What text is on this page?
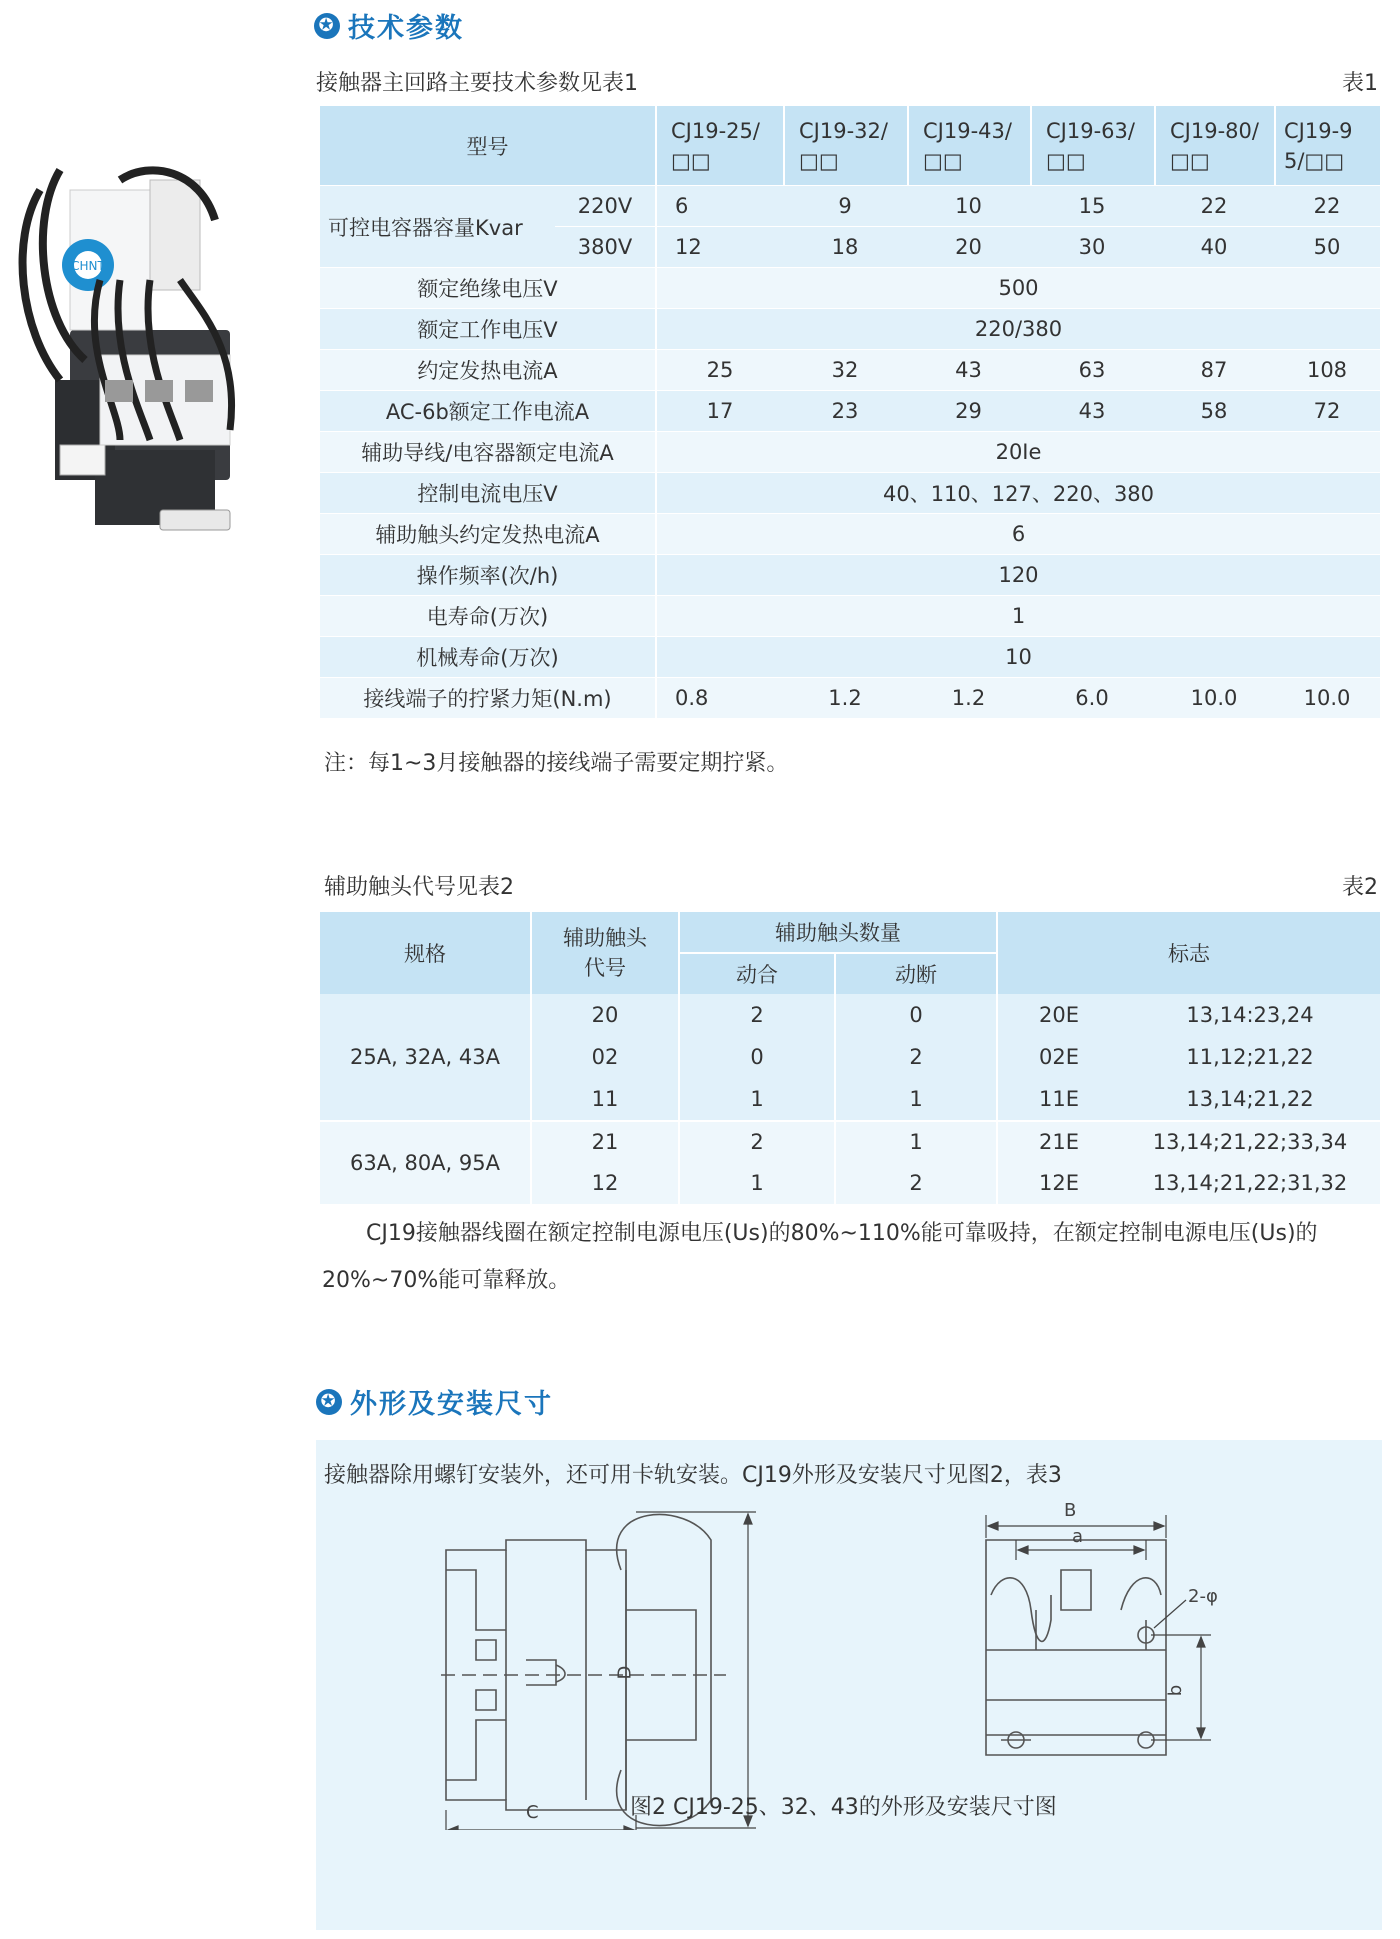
CHNT
✪ 技术参数
接触器主回路主要技术参数见表1	表1
型号		CJ19-25/□□	CJ19-32/□□	CJ19-43/□□	CJ19-63/□□	CJ19-80/□□	CJ19-95/□□
可控电容器容量Kvar	220V	6	9	10	15	22	22
	380V	12	18	20	30	40	50
额定绝缘电压V		500					
额定工作电压V		220/380					
约定发热电流A		25	32	43	63	87	108
AC-6b额定工作电流A		17	23	29	43	58	72
辅助导线/电容器额定电流A		20Ie					
控制电流电压V		40、110、127、220、380					
辅助触头约定发热电流A		6					
操作频率(次/h)		120					
电寿命(万次)		1					
机械寿命(万次)		10					
接线端子的拧紧力矩(N.m)		0.8	1.2	1.2	6.0	10.0	10.0
注：每1~3月接触器的接线端子需要定期拧紧。
辅助触头代号见表2	表2
规格	辅助触头代号	辅助触头数量		标志	
		动合	动断		
25A, 32A, 43A	20	2	0	20E	13,14:23,24
	02	0	2	02E	11,12;21,22
	11	1	1	11E	13,14;21,22
63A, 80A, 95A	21	2	1	21E	13,14;21,22;33,34
	12	1	2	12E	13,14;21,22;31,32
CJ19接触器线圈在额定控制电源电压(Us)的80%~110%能可靠吸持，在额定控制电源电压(Us)的20%~70%能可靠释放。
✪ 外形及安装尺寸
接触器除用螺钉安装外，还可用卡轨安装。CJ19外形及安装尺寸见图2，表3
D
C
B
a
2-φ
b
图2 CJ19-25、32、43的外形及安装尺寸图
